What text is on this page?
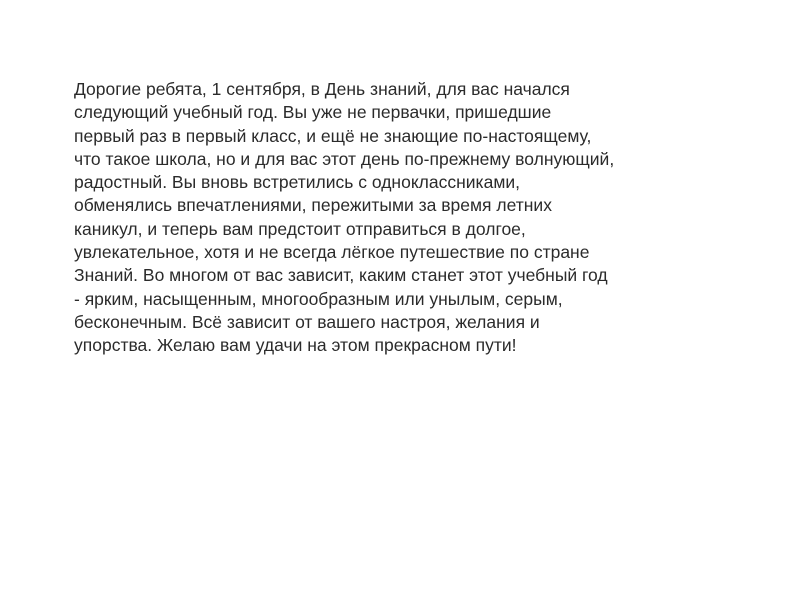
Дорогие ребята, 1 сентября, в День знаний, для вас начался
следующий учебный год. Вы уже не первачки, пришедшие
первый раз в первый класс, и ещё не знающие по-настоящему,
что такое школа, но и для вас этот день по-прежнему волнующий,
радостный. Вы вновь встретились с одноклассниками,
обменялись впечатлениями, пережитыми за время летних
каникул, и теперь вам предстоит отправиться в долгое,
увлекательное, хотя и не всегда лёгкое путешествие по стране
Знаний. Во многом от вас зависит, каким станет этот учебный год
- ярким, насыщенным, многообразным или унылым, серым,
бесконечным. Всё зависит от вашего настроя, желания и
упорства. Желаю вам удачи на этом прекрасном пути!
